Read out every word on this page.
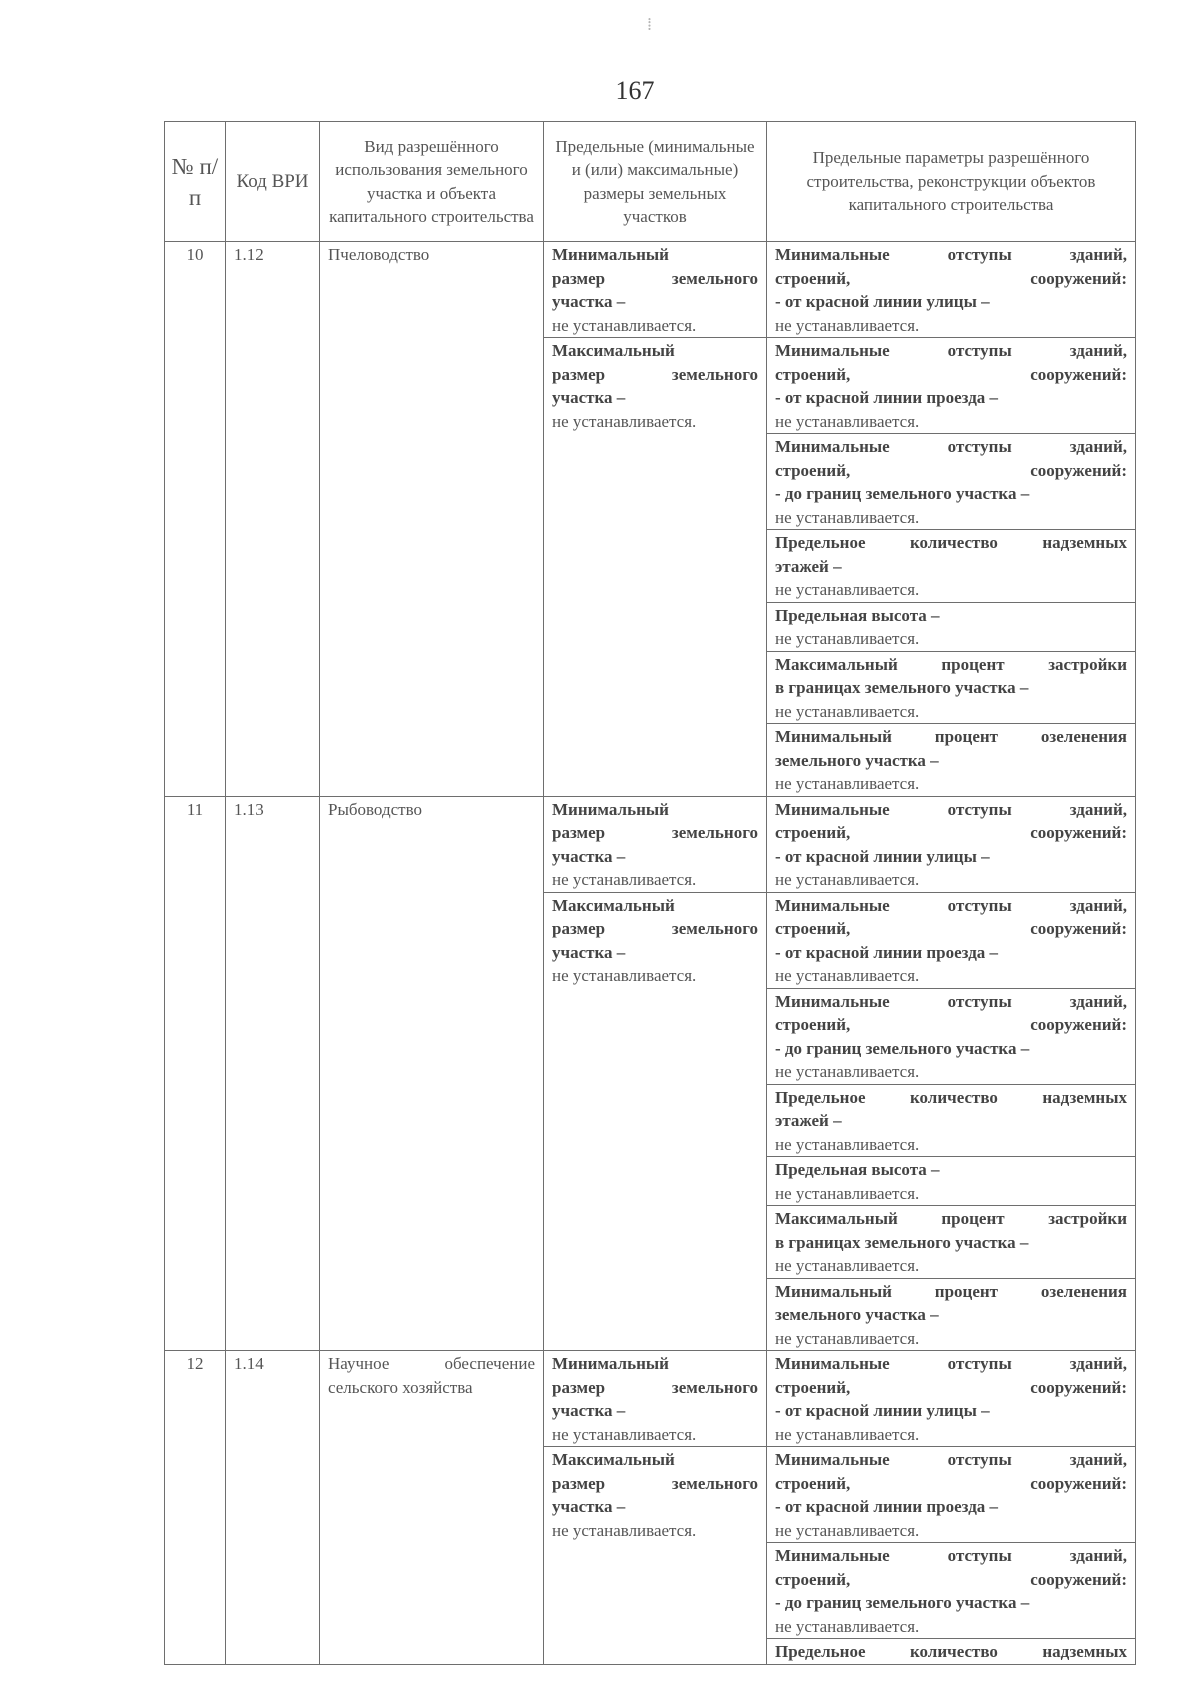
⁞
167
№ п/п	Код ВРИ	Вид разрешённого использования земельного участка и объекта капитального строительства	Предельные (минимальные и (или) максимальные) размеры земельных участков	Предельные параметры разрешённого строительства, реконструкции объектов капитального строительства
10	1.12	Пчеловодство	Минимальный
размер земельного
участка –
не устанавливается.	Минимальные отступы зданий,
строений, сооружений:
- от красной линии улицы –
не устанавливается.

			Максимальный
размер земельного
участка –
не устанавливается.	Минимальные отступы зданий,
строений, сооружений:
- от красной линии проезда –
не устанавливается.

				Минимальные отступы зданий,
строений, сооружений:
- до границ земельного участка –
не устанавливается.

				Предельное количество надземных
этажей –
не устанавливается.

				Предельная высота –
не устанавливается.

				Максимальный процент застройки
в границах земельного участка –
не устанавливается.

				Минимальный процент озеленения
земельного участка –
не устанавливается.

11	1.13	Рыбоводство	Минимальный
размер земельного
участка –
не устанавливается.	Минимальные отступы зданий,
строений, сооружений:
- от красной линии улицы –
не устанавливается.

			Максимальный
размер земельного
участка –
не устанавливается.	Минимальные отступы зданий,
строений, сооружений:
- от красной линии проезда –
не устанавливается.

				Минимальные отступы зданий,
строений, сооружений:
- до границ земельного участка –
не устанавливается.

				Предельное количество надземных
этажей –
не устанавливается.

				Предельная высота –
не устанавливается.

				Максимальный процент застройки
в границах земельного участка –
не устанавливается.

				Минимальный процент озеленения
земельного участка –
не устанавливается.

12	1.14	Научное обеспечение
сельского хозяйства	Минимальный
размер земельного
участка –
не устанавливается.	Минимальные отступы зданий,
строений, сооружений:
- от красной линии улицы –
не устанавливается.

			Максимальный
размер земельного
участка –
не устанавливается.	Минимальные отступы зданий,
строений, сооружений:
- от красной линии проезда –
не устанавливается.

				Минимальные отступы зданий,
строений, сооружений:
- до границ земельного участка –
не устанавливается.

				Предельное количество надземных
